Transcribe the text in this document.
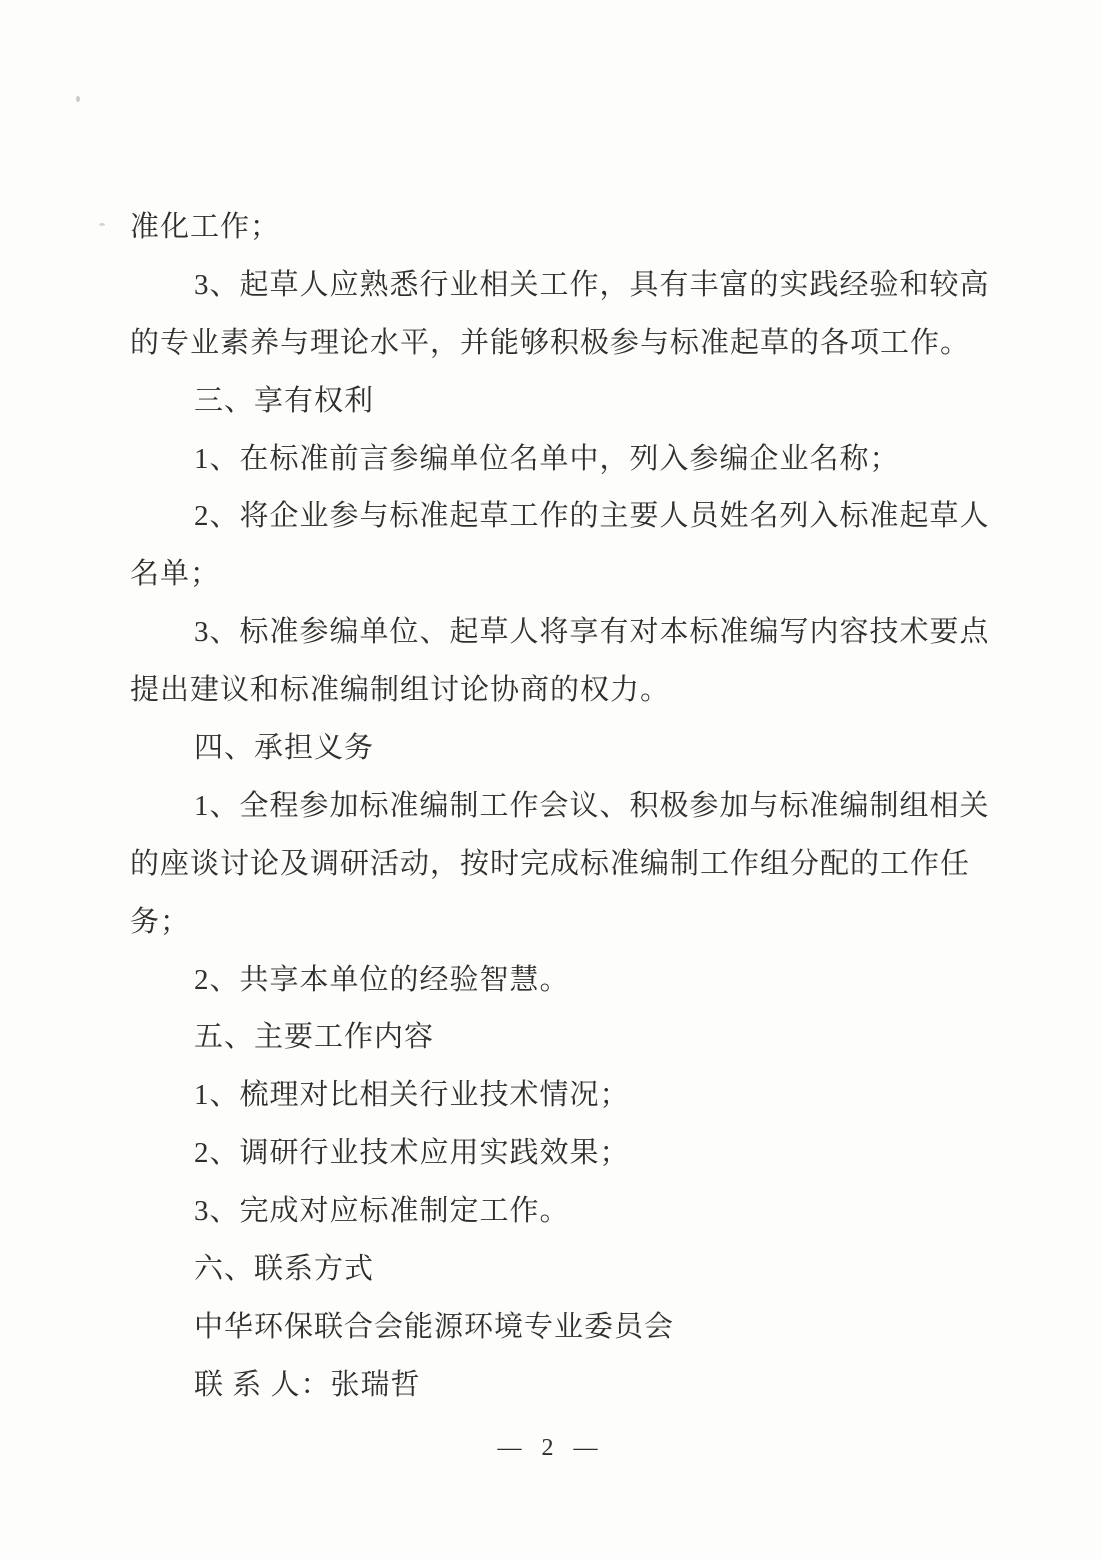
准化工作；
3、起草人应熟悉行业相关工作，具有丰富的实践经验和较高
的专业素养与理论水平，并能够积极参与标准起草的各项工作。
三、享有权利
1、在标准前言参编单位名单中，列入参编企业名称；
2、将企业参与标准起草工作的主要人员姓名列入标准起草人
名单；
3、标准参编单位、起草人将享有对本标准编写内容技术要点
提出建议和标准编制组讨论协商的权力。
四、承担义务
1、全程参加标准编制工作会议、积极参加与标准编制组相关
的座谈讨论及调研活动，按时完成标准编制工作组分配的工作任
务；
2、共享本单位的经验智慧。
五、主要工作内容
1、梳理对比相关行业技术情况；
2、调研行业技术应用实践效果；
3、完成对应标准制定工作。
六、联系方式
中华环保联合会能源环境专业委员会
联 系 人：张瑞哲
— 2 —
